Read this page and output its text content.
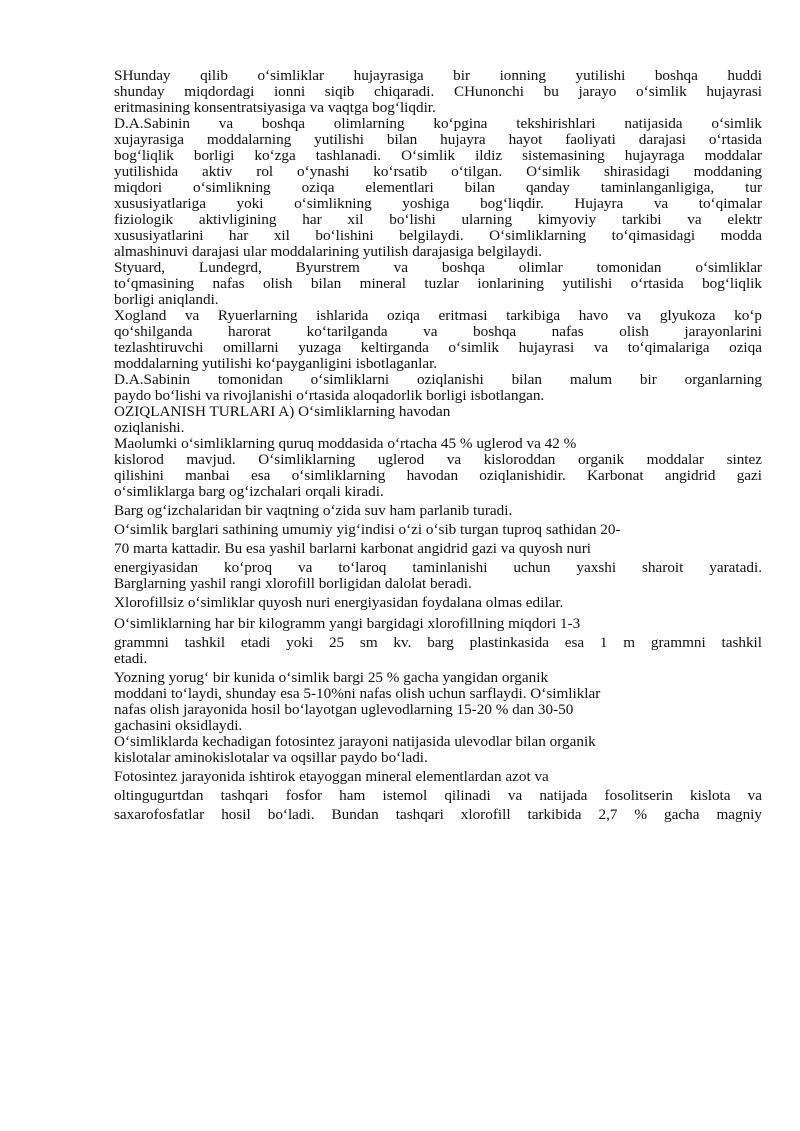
SHunday qilib oʻsimliklar hujayrasiga bir ionning yutilishi boshqa huddi
shunday miqdordagi ionni siqib chiqaradi. CHunonchi bu jarayo oʻsimlik hujayrasi
eritmasining konsentratsiyasiga va vaqtga bogʻliqdir.
D.A.Sabinin va boshqa olimlarning koʻpgina tekshirishlari natijasida oʻsimlik
xujayrasiga moddalarning yutilishi bilan hujayra hayot faoliyati darajasi oʻrtasida
bogʻliqlik borligi koʻzga tashlanadi. Oʻsimlik ildiz sistemasining hujayraga moddalar
yutilishida aktiv rol oʻynashi koʻrsatib oʻtilgan. Oʻsimlik shirasidagi moddaning
miqdori oʻsimlikning oziqa elementlari bilan qanday taminlanganligiga, tur
xususiyatlariga yoki oʻsimlikning yoshiga bogʻliqdir. Hujayra va toʻqimalar
fiziologik aktivligining har xil boʻlishi ularning kimyoviy tarkibi va elektr
xususiyatlarini har xil boʻlishini belgilaydi. Oʻsimliklarning toʻqimasidagi modda
almashinuvi darajasi ular moddalarining yutilish darajasiga belgilaydi.
Styuard, Lundegrd, Byurstrem va boshqa olimlar tomonidan oʻsimliklar
toʻqmasining nafas olish bilan mineral tuzlar ionlarining yutilishi oʻrtasida bogʻliqlik
borligi aniqlandi.
Xogland va Ryuerlarning ishlarida oziqa eritmasi tarkibiga havo va glyukoza koʻp
qoʻshilganda harorat koʻtarilganda va boshqa nafas olish jarayonlarini
tezlashtiruvchi omillarni yuzaga keltirganda oʻsimlik hujayrasi va toʻqimalariga oziqa
moddalarning yutilishi koʻpayganligini isbotlaganlar.
D.A.Sabinin tomonidan oʻsimliklarni oziqlanishi bilan malum bir organlarning
paydo boʻlishi va rivojlanishi oʻrtasida aloqadorlik borligi isbotlangan.
OZIQLANISH TURLARI A) Oʻsimliklarning havodan
oziqlanishi.
Maolumki oʻsimliklarning quruq moddasida oʻrtacha 45 % uglerod va 42 %
kislorod mavjud. Oʻsimliklarning uglerod va kisloroddan organik moddalar sintez
qilishini manbai esa oʻsimliklarning havodan oziqlanishidir. Karbonat angidrid gazi
oʻsimliklarga barg ogʻizchalari orqali kiradi.
Barg ogʻizchalaridan bir vaqtning oʻzida suv ham parlanib turadi.
Oʻsimlik barglari sathining umumiy yigʻindisi oʻzi oʻsib turgan tuproq sathidan 20-
70 marta kattadir. Bu esa yashil barlarni karbonat angidrid gazi va quyosh nuri
energiyasidan koʻproq va toʻlaroq taminlanishi uchun yaxshi sharoit yaratadi.
Barglarning yashil rangi xlorofill borligidan dalolat beradi.
Xlorofillsiz oʻsimliklar quyosh nuri energiyasidan foydalana olmas edilar.
Oʻsimliklarning har bir kilogramm yangi bargidagi xlorofillning miqdori 1-3
grammni tashkil etadi yoki 25 sm kv. barg plastinkasida esa 1 m grammni tashkil
etadi.
Yozning yorugʻ bir kunida oʻsimlik bargi 25 % gacha yangidan organik
moddani toʻlaydi, shunday esa 5-10%ni nafas olish uchun sarflaydi. Oʻsimliklar
nafas olish jarayonida hosil boʻlayotgan uglevodlarning 15-20 % dan 30-50
gachasini oksidlaydi.
Oʻsimliklarda kechadigan fotosintez jarayoni natijasida ulevodlar bilan organik
kislotalar aminokislotalar va oqsillar paydo boʻladi.
Fotosintez jarayonida ishtirok etayoggan mineral elementlardan azot va
oltingugurtdan tashqari fosfor ham istemol qilinadi va natijada fosolitserin kislota va
saxarofosfatlar hosil boʻladi. Bundan tashqari xlorofill tarkibida 2,7 % gacha magniy
